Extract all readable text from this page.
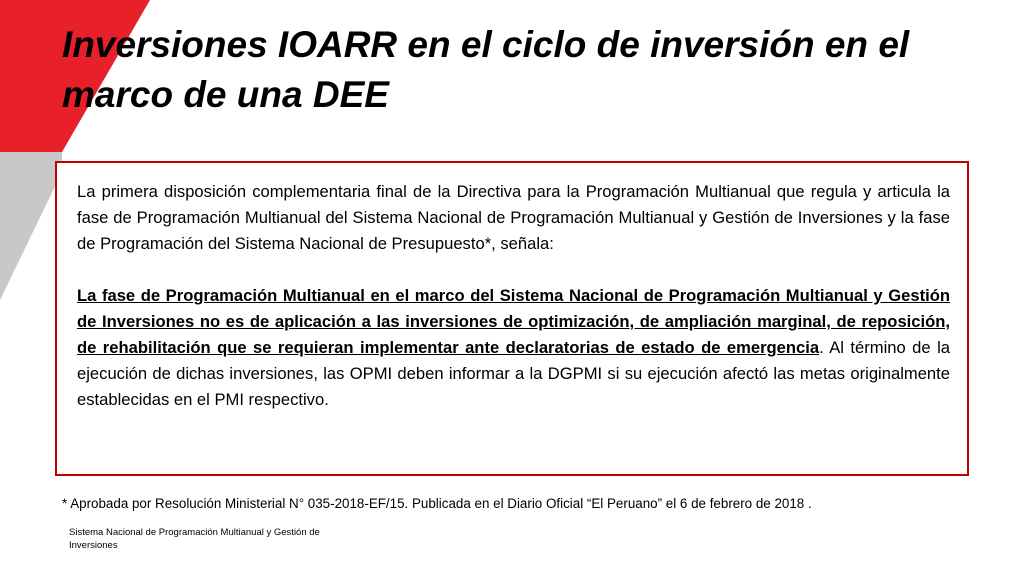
Inversiones IOARR en el ciclo de inversión en el marco de una DEE

La primera disposición complementaria final de la Directiva para la Programación Multianual que regula y articula la fase de Programación Multianual del Sistema Nacional de Programación Multianual y Gestión de Inversiones y la fase de Programación del Sistema Nacional de Presupuesto*, señala:

La fase de Programación Multianual en el marco del Sistema Nacional de Programación Multianual y Gestión de Inversiones no es de aplicación a las inversiones de optimización, de ampliación marginal, de reposición, de rehabilitación que se requieran implementar ante declaratorias de estado de emergencia. Al término de la ejecución de dichas inversiones, las OPMI deben informar a la DGPMI si su ejecución afectó las metas originalmente establecidas en el PMI respectivo.

* Aprobada por Resolución Ministerial N° 035-2018-EF/15. Publicada en el Diario Oficial “El Peruano” el 6 de febrero de 2018 .
Sistema Nacional de Programación Multianual y Gestión de Inversiones
